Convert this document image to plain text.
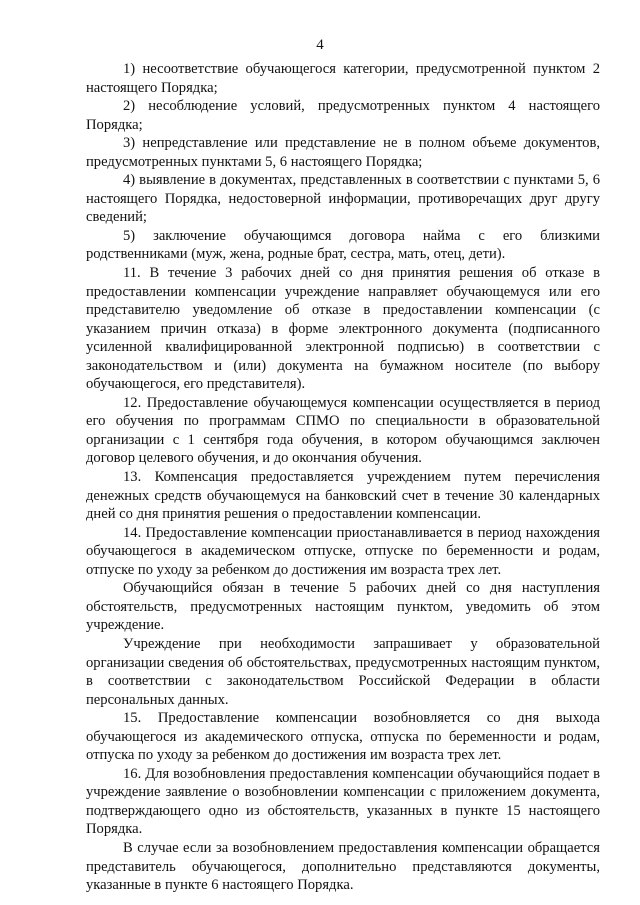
4

1) несоответствие обучающегося категории, предусмотренной пунктом 2 настоящего Порядка;

2) несоблюдение условий, предусмотренных пунктом 4 настоящего Порядка;

3) непредставление или представление не в полном объеме документов, предусмотренных пунктами 5, 6 настоящего Порядка;

4) выявление в документах, представленных в соответствии с пунктами 5, 6 настоящего Порядка, недостоверной информации, противоречащих друг другу сведений;

5) заключение обучающимся договора найма с его близкими родственниками (муж, жена, родные брат, сестра, мать, отец, дети).

11. В течение 3 рабочих дней со дня принятия решения об отказе в предоставлении компенсации учреждение направляет обучающемуся или его представителю уведомление об отказе в предоставлении компенсации (с указанием причин отказа) в форме электронного документа (подписанного усиленной квалифицированной электронной подписью) в соответствии с законодательством и (или) документа на бумажном носителе (по выбору обучающегося, его представителя).

12. Предоставление обучающемуся компенсации осуществляется в период его обучения по программам СПМО по специальности в образовательной организации с 1 сентября года обучения, в котором обучающимся заключен договор целевого обучения, и до окончания обучения.

13. Компенсация предоставляется учреждением путем перечисления денежных средств обучающемуся на банковский счет в течение 30 календарных дней со дня принятия решения о предоставлении компенсации.

14. Предоставление компенсации приостанавливается в период нахождения обучающегося в академическом отпуске, отпуске по беременности и родам, отпуске по уходу за ребенком до достижения им возраста трех лет.

Обучающийся обязан в течение 5 рабочих дней со дня наступления обстоятельств, предусмотренных настоящим пунктом, уведомить об этом учреждение.

Учреждение при необходимости запрашивает у образовательной организации сведения об обстоятельствах, предусмотренных настоящим пунктом, в соответствии с законодательством Российской Федерации в области персональных данных.

15. Предоставление компенсации возобновляется со дня выхода обучающегося из академического отпуска, отпуска по беременности и родам, отпуска по уходу за ребенком до достижения им возраста трех лет.

16. Для возобновления предоставления компенсации обучающийся подает в учреждение заявление о возобновлении компенсации с приложением документа, подтверждающего одно из обстоятельств, указанных в пункте 15 настоящего Порядка.

В случае если за возобновлением предоставления компенсации обращается представитель обучающегося, дополнительно представляются документы, указанные в пункте 6 настоящего Порядка.
